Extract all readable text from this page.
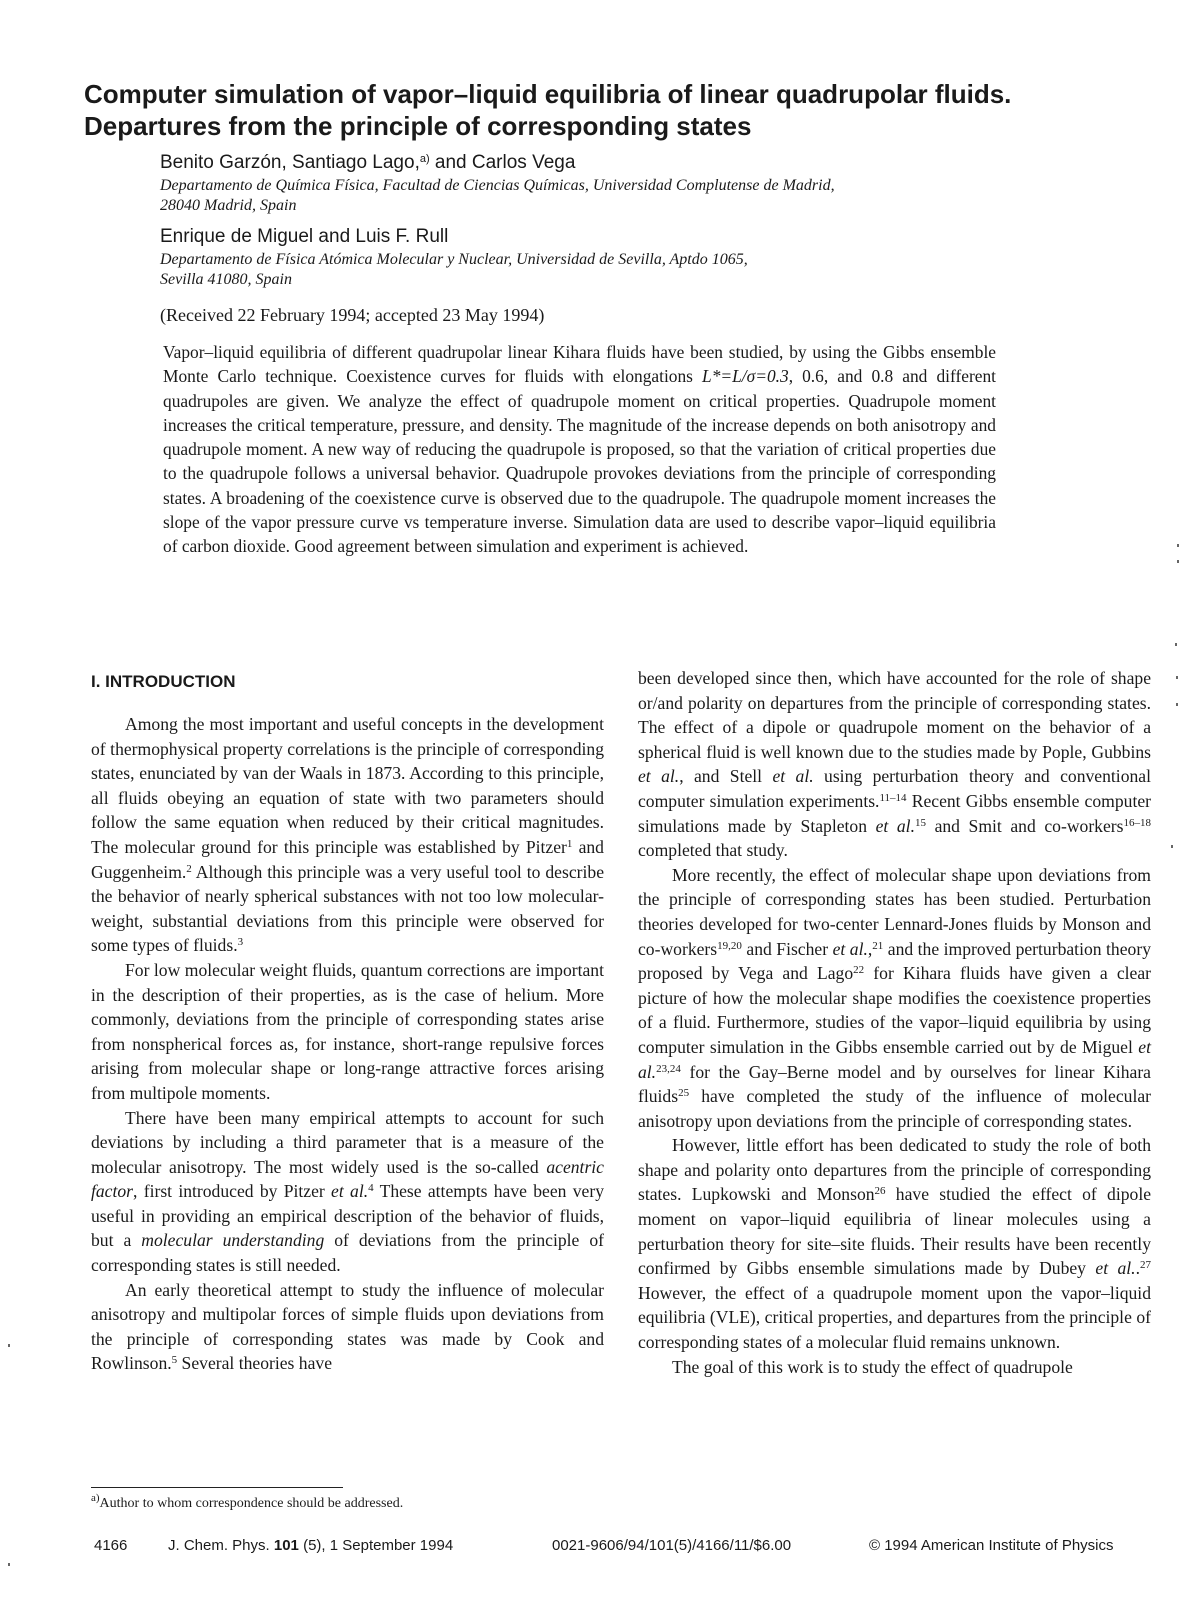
Computer simulation of vapor–liquid equilibria of linear quadrupolar fluids.
Departures from the principle of corresponding states
Benito Garzón, Santiago Lago,$^{a)}$ and Carlos Vega
Departamento de Química Física, Facultad de Ciencias Químicas, Universidad Complutense de Madrid,
28040 Madrid, Spain
Enrique de Miguel and Luis F. Rull
Departamento de Física Atómica Molecular y Nuclear, Universidad de Sevilla, Aptdo 1065,
Sevilla 41080, Spain
(Received 22 February 1994; accepted 23 May 1994)
Vapor–liquid equilibria of different quadrupolar linear Kihara fluids have been studied, by using the Gibbs ensemble Monte Carlo technique. Coexistence curves for fluids with elongations L*=L/σ=0.3, 0.6, and 0.8 and different quadrupoles are given. We analyze the effect of quadrupole moment on critical properties. Quadrupole moment increases the critical temperature, pressure, and density. The magnitude of the increase depends on both anisotropy and quadrupole moment. A new way of reducing the quadrupole is proposed, so that the variation of critical properties due to the quadrupole follows a universal behavior. Quadrupole provokes deviations from the principle of corresponding states. A broadening of the coexistence curve is observed due to the quadrupole. The quadrupole moment increases the slope of the vapor pressure curve vs temperature inverse. Simulation data are used to describe vapor–liquid equilibria of carbon dioxide. Good agreement between simulation and experiment is achieved.
I. INTRODUCTION

Among the most important and useful concepts in the development of thermophysical property correlations is the principle of corresponding states, enunciated by van der Waals in 1873. According to this principle, all fluids obeying an equation of state with two parameters should follow the same equation when reduced by their critical magnitudes. The molecular ground for this principle was established by Pitzer$^1$ and Guggenheim.$^2$ Although this principle was a very useful tool to describe the behavior of nearly spherical substances with not too low molecular-weight, substantial deviations from this principle were observed for some types of fluids.$^3$

For low molecular weight fluids, quantum corrections are important in the description of their properties, as is the case of helium. More commonly, deviations from the principle of corresponding states arise from nonspherical forces as, for instance, short-range repulsive forces arising from molecular shape or long-range attractive forces arising from multipole moments.

There have been many empirical attempts to account for such deviations by including a third parameter that is a measure of the molecular anisotropy. The most widely used is the so-called acentric factor, first introduced by Pitzer et al.$^4$ These attempts have been very useful in providing an empirical description of the behavior of fluids, but a molecular understanding of deviations from the principle of corresponding states is still needed.

An early theoretical attempt to study the influence of molecular anisotropy and multipolar forces of simple fluids upon deviations from the principle of corresponding states was made by Cook and Rowlinson.$^5$ Several theories have

been developed since then, which have accounted for the role of shape or/and polarity on departures from the principle of corresponding states. The effect of a dipole or quadrupole moment on the behavior of a spherical fluid is well known due to the studies made by Pople, Gubbins et al., and Stell et al. using perturbation theory and conventional computer simulation experiments.$^{11-14}$ Recent Gibbs ensemble computer simulations made by Stapleton et al.$^{15}$ and Smit and co-workers$^{16-18}$ completed that study.

More recently, the effect of molecular shape upon deviations from the principle of corresponding states has been studied. Perturbation theories developed for two-center Lennard-Jones fluids by Monson and co-workers$^{19,20}$ and Fischer et al.,$^{21}$ and the improved perturbation theory proposed by Vega and Lago$^{22}$ for Kihara fluids have given a clear picture of how the molecular shape modifies the coexistence properties of a fluid. Furthermore, studies of the vapor–liquid equilibria by using computer simulation in the Gibbs ensemble carried out by de Miguel et al.$^{23,24}$ for the Gay–Berne model and by ourselves for linear Kihara fluids$^{25}$ have completed the study of the influence of molecular anisotropy upon deviations from the principle of corresponding states.

However, little effort has been dedicated to study the role of both shape and polarity onto departures from the principle of corresponding states. Lupkowski and Monson$^{26}$ have studied the effect of dipole moment on vapor–liquid equilibria of linear molecules using a perturbation theory for site–site fluids. Their results have been recently confirmed by Gibbs ensemble simulations made by Dubey et al..$^{27}$ However, the effect of a quadrupole moment upon the vapor–liquid equilibria (VLE), critical properties, and departures from the principle of corresponding states of a molecular fluid remains unknown.

The goal of this work is to study the effect of quadrupole

$^{a)}$Author to whom correspondence should be addressed.
4166	J. Chem. Phys. 101 (5), 1 September 1994	0021-9606/94/101(5)/4166/11/$6.00	© 1994 American Institute of Physics
